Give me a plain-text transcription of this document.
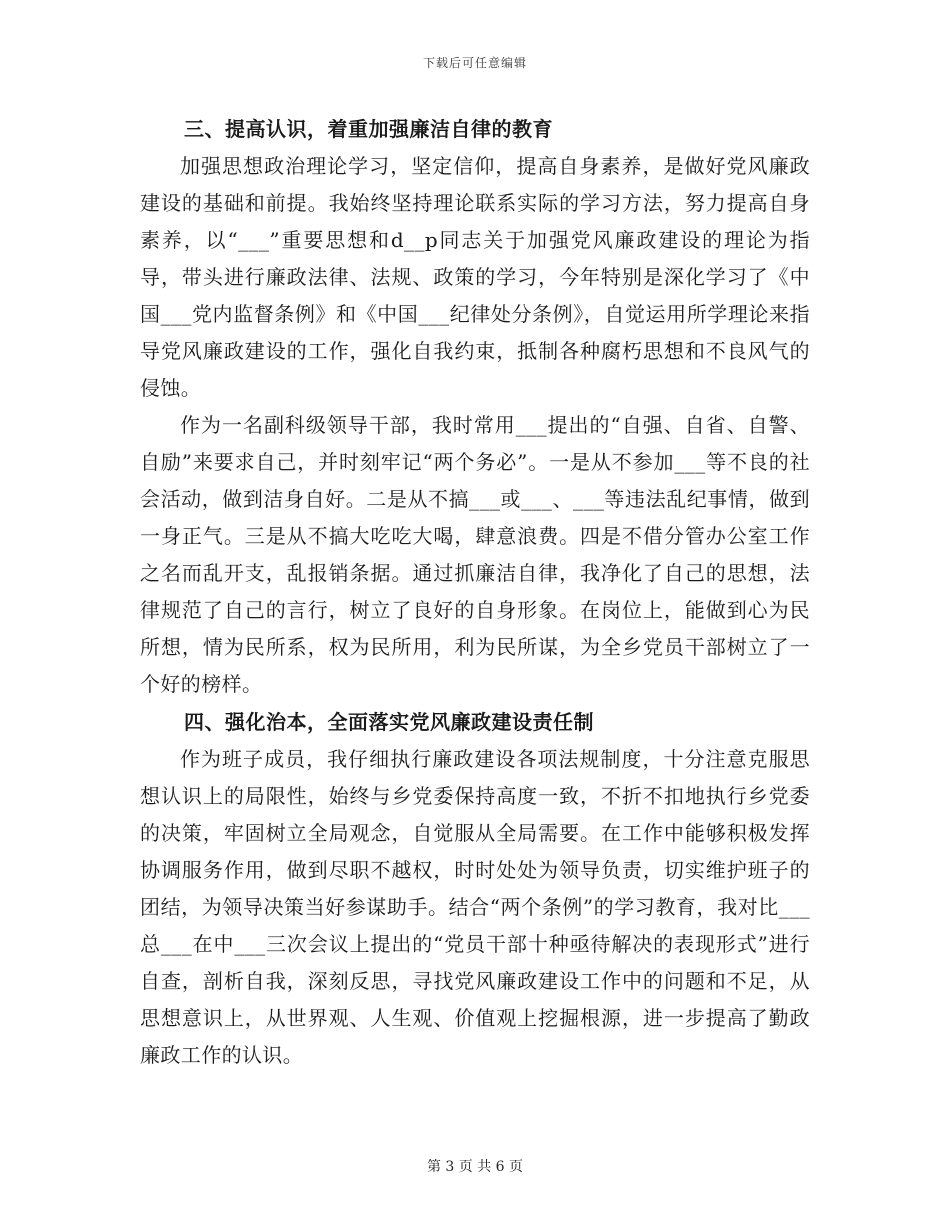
下载后可任意编辑
三、提高认识，着重加强廉洁自律的教育

加强思想政治理论学习，坚定信仰，提高自身素养，是做好党风廉政建设的基础和前提。我始终坚持理论联系实际的学习方法，努力提高自身素养，以“___”重要思想和d__p同志关于加强党风廉政建设的理论为指导，带头进行廉政法律、法规、政策的学习，今年特别是深化学习了《中国___党内监督条例》和《中国___纪律处分条例》，自觉运用所学理论来指导党风廉政建设的工作，强化自我约束，抵制各种腐朽思想和不良风气的侵蚀。

作为一名副科级领导干部，我时常用___提出的“自强、自省、自警、自励”来要求自己，并时刻牢记“两个务必”。一是从不参加___等不良的社会活动，做到洁身自好。二是从不搞___或___、___等违法乱纪事情，做到一身正气。三是从不搞大吃吃大喝，肆意浪费。四是不借分管办公室工作之名而乱开支，乱报销条据。通过抓廉洁自律，我净化了自己的思想，法律规范了自己的言行，树立了良好的自身形象。在岗位上，能做到心为民所想，情为民所系，权为民所用，利为民所谋，为全乡党员干部树立了一个好的榜样。

四、强化治本，全面落实党风廉政建设责任制

作为班子成员，我仔细执行廉政建设各项法规制度，十分注意克服思想认识上的局限性，始终与乡党委保持高度一致，不折不扣地执行乡党委的决策，牢固树立全局观念，自觉服从全局需要。在工作中能够积极发挥协调服务作用，做到尽职不越权，时时处处为领导负责，切实维护班子的团结，为领导决策当好参谋助手。结合“两个条例”的学习教育，我对比___总___在中___三次会议上提出的“党员干部十种亟待解决的表现形式”进行自查，剖析自我，深刻反思，寻找党风廉政建设工作中的问题和不足，从思想意识上，从世界观、人生观、价值观上挖掘根源，进一步提高了勤政廉政工作的认识。

第 3 页 共 6 页
